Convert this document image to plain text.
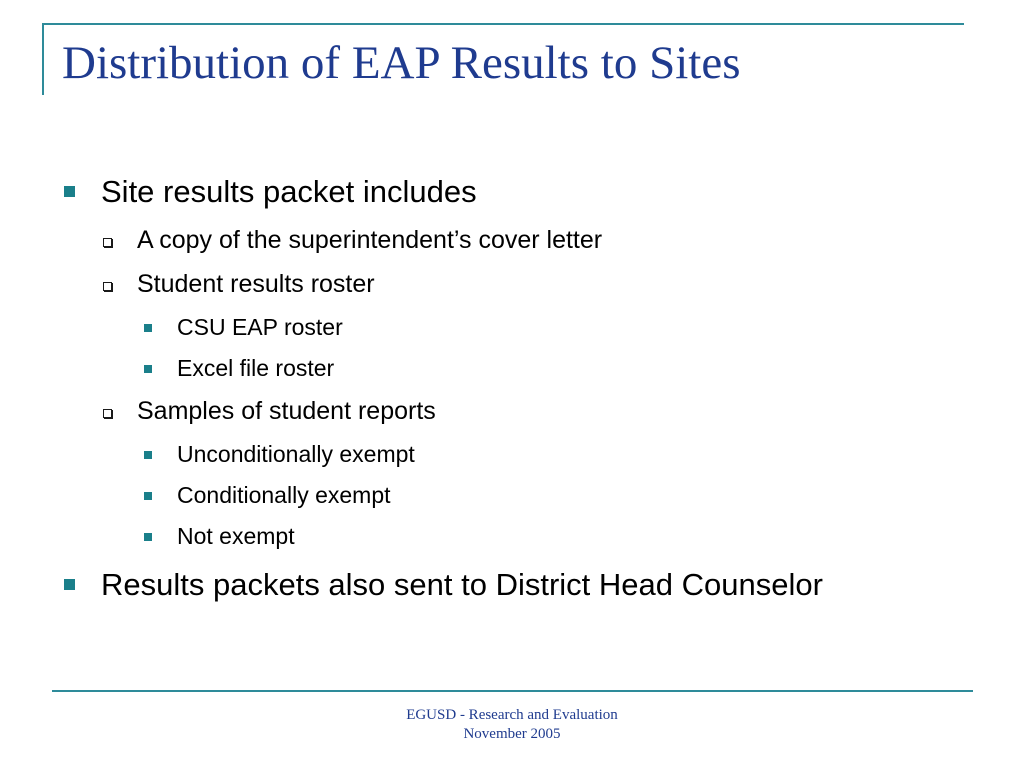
Distribution of EAP Results to Sites
Site results packet includes
A copy of the superintendent’s cover letter
Student results roster
CSU EAP roster
Excel file roster
Samples of student reports
Unconditionally exempt
Conditionally exempt
Not exempt
Results packets also sent to District Head Counselor
EGUSD - Research and Evaluation
November 2005
